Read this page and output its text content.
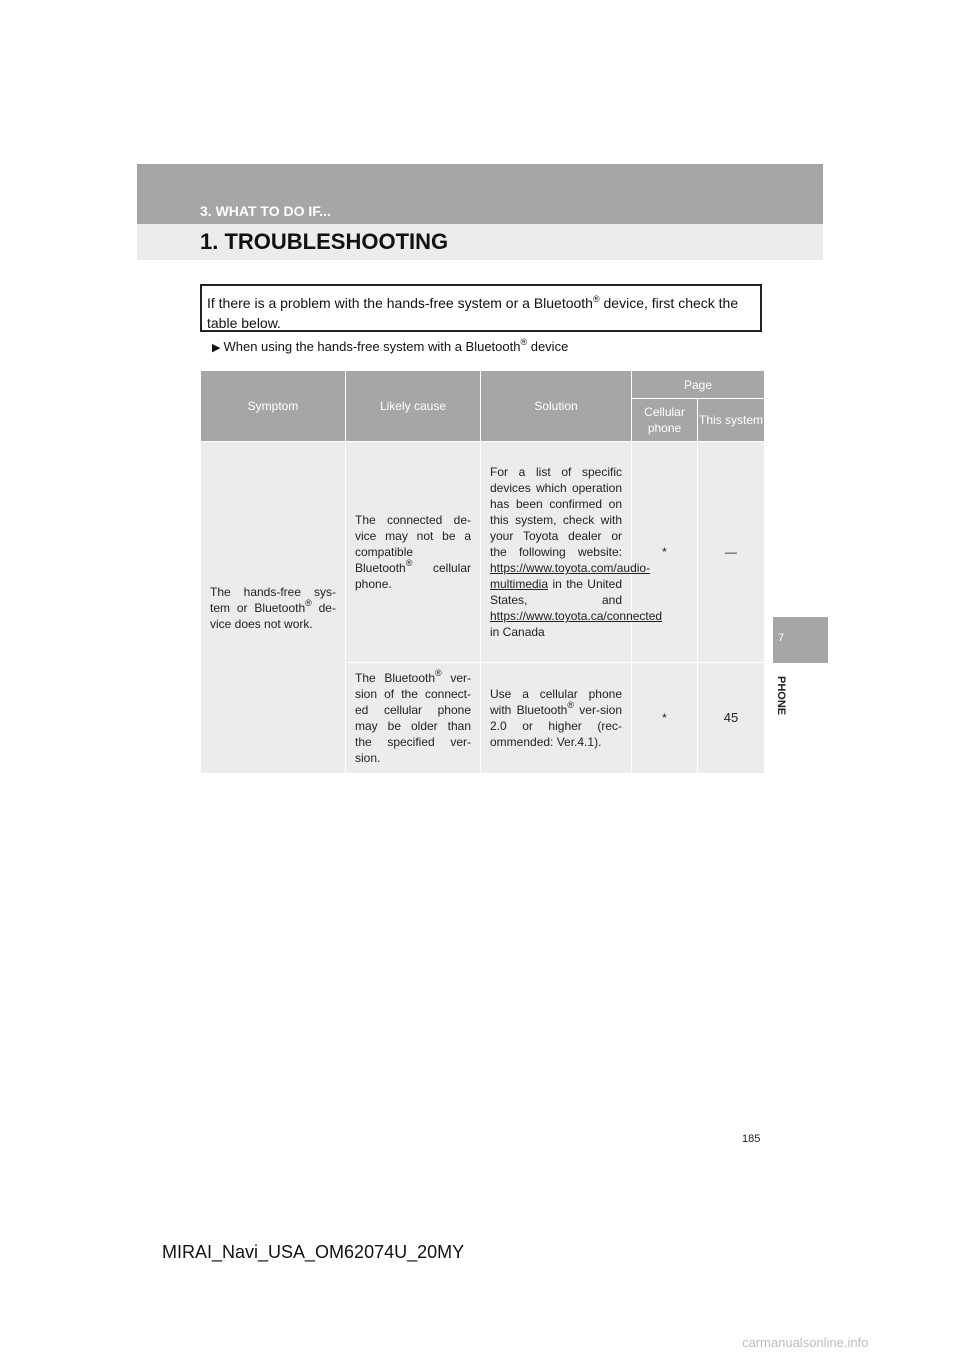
3. WHAT TO DO IF...
1. TROUBLESHOOTING
7
PHONE
If there is a problem with the hands-free system or a Bluetooth® device, first check the table below.
▶ When using the hands-free system with a Bluetooth® device
Symptom	Likely cause	Solution	Page	
			Cellular phone	This system
The hands-free sys-tem or Bluetooth® de-vice does not work.	The connected de-vice may not be a compatible Bluetooth® cellular phone.	For a list of specific devices which operation has been confirmed on this system, check with your Toyota dealer or the following website: https://www.toyota.com/audio-multimedia in the United States, and https://www.toyota.ca/connected in Canada	*	—
	The Bluetooth® ver-sion of the connect-ed cellular phone may be older than the specified ver-sion.	Use a cellular phone with Bluetooth® ver-sion 2.0 or higher (rec-ommended: Ver.4.1).	*	45
185
MIRAI_Navi_USA_OM62074U_20MY
carmanualsonline.info
